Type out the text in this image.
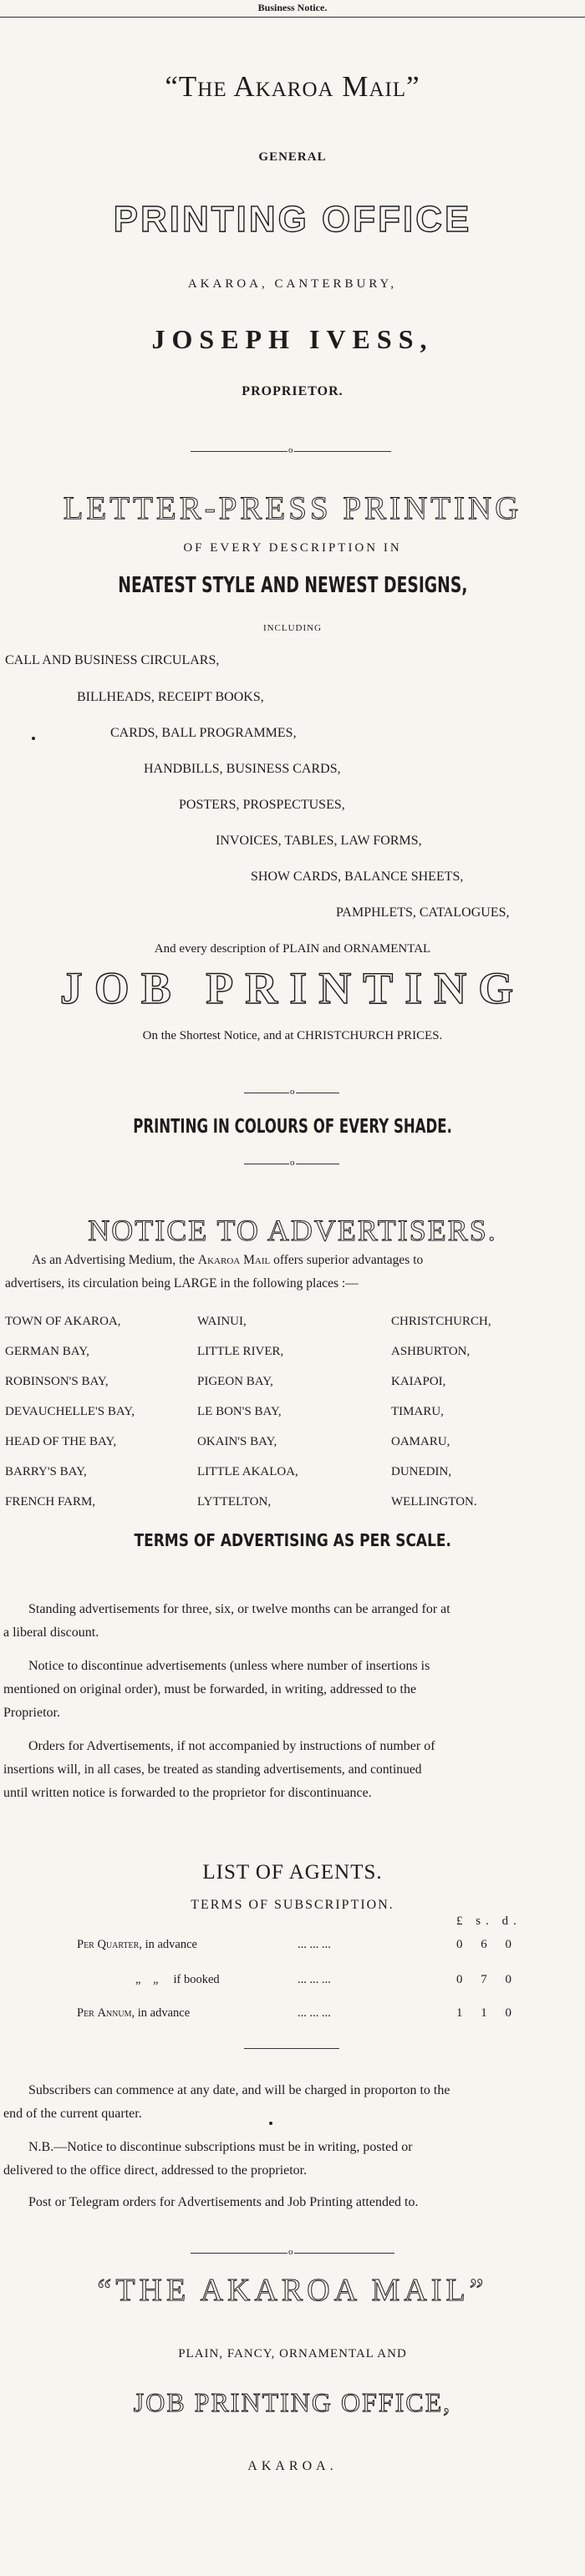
Business Notice.
“The Akaroa Mail”
GENERAL
PRINTING OFFICE
AKAROA, CANTERBURY,
JOSEPH IVESS,
PROPRIETOR.
o
LETTER-PRESS PRINTING
OF EVERY DESCRIPTION IN
NEATEST STYLE AND NEWEST DESIGNS,
INCLUDING
CALL AND BUSINESS CIRCULARS,
BILLHEADS, RECEIPT BOOKS,
CARDS, BALL PROGRAMMES,
HANDBILLS, BUSINESS CARDS,
POSTERS, PROSPECTUSES,
INVOICES, TABLES, LAW FORMS,
SHOW CARDS, BALANCE SHEETS,
PAMPHLETS, CATALOGUES,
And every description of PLAIN and ORNAMENTAL
JOB PRINTING
On the Shortest Notice, and at CHRISTCHURCH PRICES.
o
PRINTING IN COLOURS OF EVERY SHADE.
o
NOTICE TO ADVERTISERS.
As an Advertising Medium, the Akaroa Mail offers superior advantages to
advertisers, its circulation being LARGE in the following places :—
TOWN OF AKAROA,	WAINUI,	CHRISTCHURCH,
GERMAN BAY,	LITTLE RIVER,	ASHBURTON,
ROBINSON'S BAY,	PIGEON BAY,	KAIAPOI,
DEVAUCHELLE'S BAY,	LE BON'S BAY,	TIMARU,
HEAD OF THE BAY,	OKAIN'S BAY,	OAMARU,
BARRY'S BAY,	LITTLE AKALOA,	DUNEDIN,
FRENCH FARM,	LYTTELTON,	WELLINGTON.
TERMS OF ADVERTISING AS PER SCALE.
Standing advertisements for three, six, or twelve months can be arranged for at
a liberal discount.
Notice to discontinue advertisements (unless where number of insertions is
mentioned on original order), must be forwarded, in writing, addressed to the
Proprietor.
Orders for Advertisements, if not accompanied by instructions of number of
insertions will, in all cases, be treated as standing advertisements, and continued
until written notice is forwarded to the proprietor for discontinuance.
LIST OF AGENTS.
TERMS OF SUBSCRIPTION.
£ s. d.
Per Quarter, in advance	... ... ...	0 6 0
„ „ if booked	... ... ...	0 7 0
Per Annum, in advance	... ... ...	1 1 0
Subscribers can commence at any date, and will be charged in proporton to the
end of the current quarter.
N.B.—Notice to discontinue subscriptions must be in writing, posted or
delivered to the office direct, addressed to the proprietor.
Post or Telegram orders for Advertisements and Job Printing attended to.
o
“THE AKAROA MAIL”
PLAIN, FANCY, ORNAMENTAL AND
JOB PRINTING OFFICE,
AKAROA.
